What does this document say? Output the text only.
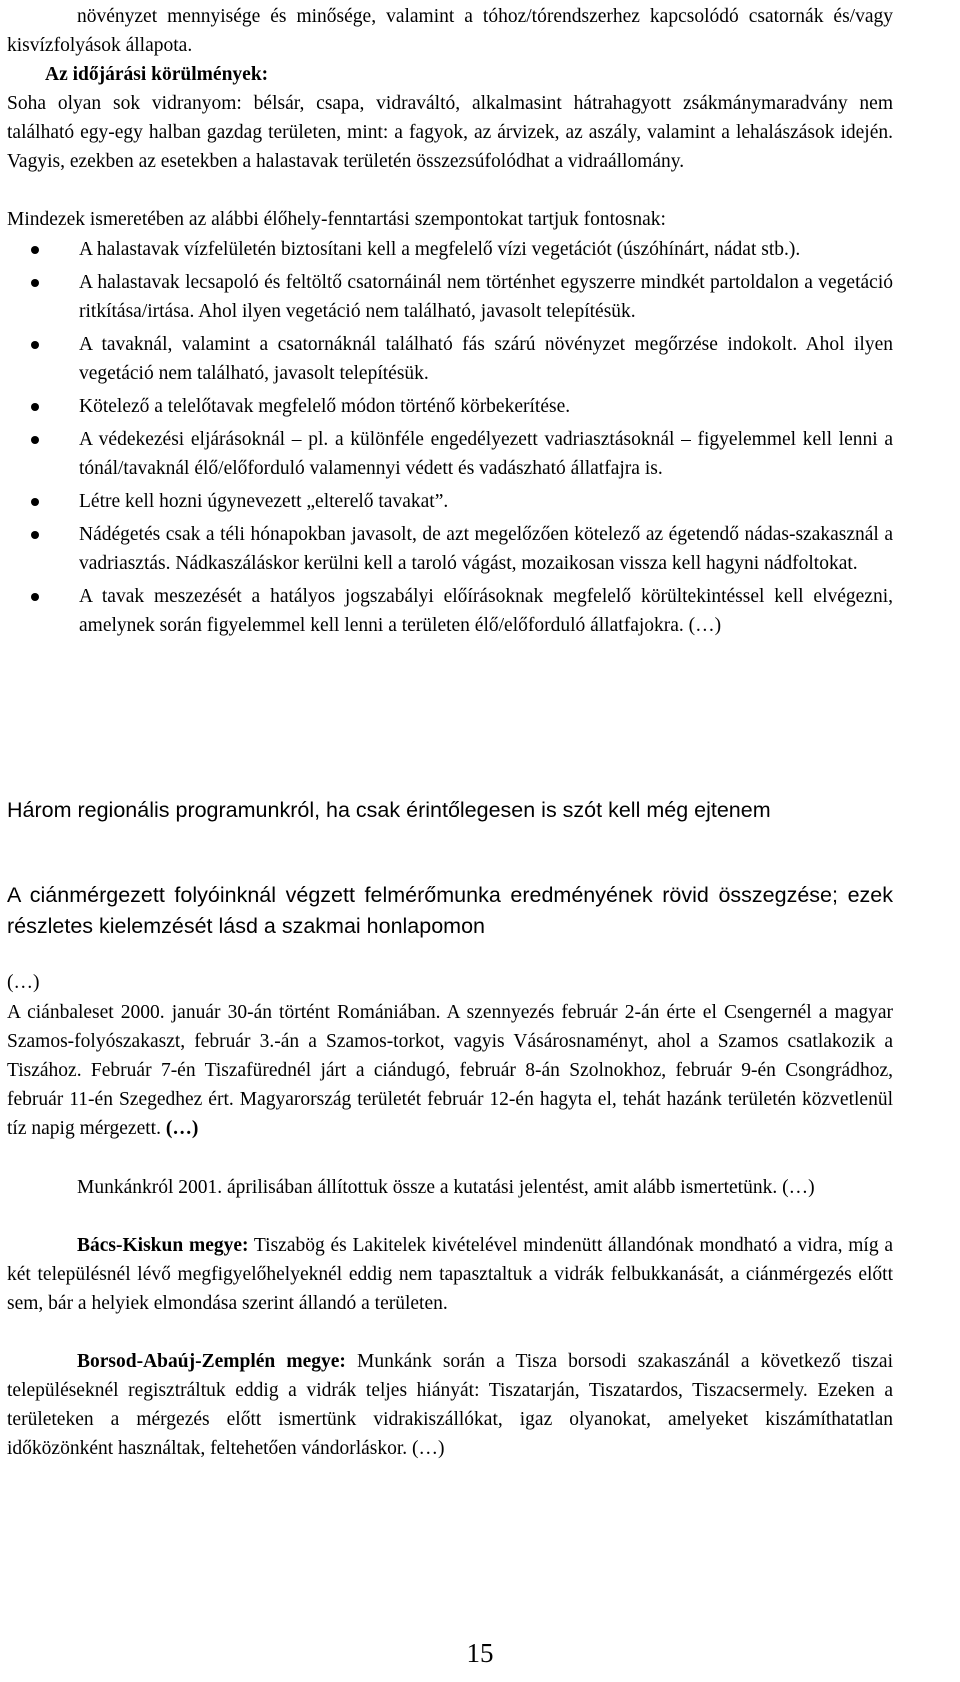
növényzet mennyisége és minősége, valamint a tóhoz/tórendszerhez kapcsolódó csatornák és/vagy kisvízfolyások állapota.
Az időjárási körülmények:
Soha olyan sok vidranyom: bélsár, csapa, vidraváltó, alkalmasint hátrahagyott zsákmánymaradvány nem található egy-egy halban gazdag területen, mint: a fagyok, az árvizek, az aszály, valamint a lehalászások idején. Vagyis, ezekben az esetekben a halastavak területén összezsúfolódhat a vidraállomány.
Mindezek ismeretében az alábbi élőhely-fenntartási szempontokat tartjuk fontosnak:
A halastavak vízfelületén biztosítani kell a megfelelő vízi vegetációt (úszóhínárt, nádat stb.).
A halastavak lecsapoló és feltöltő csatornáinál nem történhet egyszerre mindkét partoldalon a vegetáció ritkítása/irtása. Ahol ilyen vegetáció nem található, javasolt telepítésük.
A tavaknál, valamint a csatornáknál található fás szárú növényzet megőrzése indokolt. Ahol ilyen vegetáció nem található, javasolt telepítésük.
Kötelező a telelőtavak megfelelő módon történő körbekerítése.
A védekezési eljárásoknál – pl. a különféle engedélyezett vadriasztásoknál – figyelemmel kell lenni a tónál/tavaknál élő/előforduló valamennyi védett és vadászható állatfajra is.
Létre kell hozni úgynevezett „elterelő tavakat”.
Nádégetés csak a téli hónapokban javasolt, de azt megelőzően kötelező az égetendő nádas-szakasznál a vadriasztás. Nádkaszáláskor kerülni kell a taroló vágást, mozaikosan vissza kell hagyni nádfoltokat.
A tavak meszezését a hatályos jogszabályi előírásoknak megfelelő körültekintéssel kell elvégezni, amelynek során figyelemmel kell lenni a területen élő/előforduló állatfajokra. (…)
Három regionális programunkról, ha csak érintőlegesen is szót kell még ejtenem
A ciánmérgezett folyóinknál végzett felmérőmunka eredményének rövid összegzése; ezek részletes kielemzését lásd a szakmai honlapomon
(…)
A ciánbaleset 2000. január 30-án történt Romániában. A szennyezés február 2-án érte el Csengernél a magyar Szamos-folyószakaszt, február 3.-án a Szamos-torkot, vagyis Vásárosnaményt, ahol a Szamos csatlakozik a Tiszához. Február 7-én Tiszafürednél járt a ciándugó, február 8-án Szolnokhoz, február 9-én Csongrádhoz, február 11-én Szegedhez ért. Magyarország területét február 12-én hagyta el, tehát hazánk területén közvetlenül tíz napig mérgezett. (…)
Munkánkról 2001. áprilisában állítottuk össze a kutatási jelentést, amit alább ismertetünk. (…)
Bács-Kiskun megye: Tiszabög és Lakitelek kivételével mindenütt állandónak mondható a vidra, míg a két településnél lévő megfigyelőhelyeknél eddig nem tapasztaltuk a vidrák felbukkanását, a ciánmérgezés előtt sem, bár a helyiek elmondása szerint állandó a területen.
Borsod-Abaúj-Zemplén megye: Munkánk során a Tisza borsodi szakaszánál a következő tiszai településeknél regisztráltuk eddig a vidrák teljes hiányát: Tiszatarján, Tiszatardos, Tiszacsermely. Ezeken a területeken a mérgezés előtt ismertünk vidrakiszállókat, igaz olyanokat, amelyeket kiszámíthatatlan időközönként használtak, feltehetően vándorláskor. (…)
15
